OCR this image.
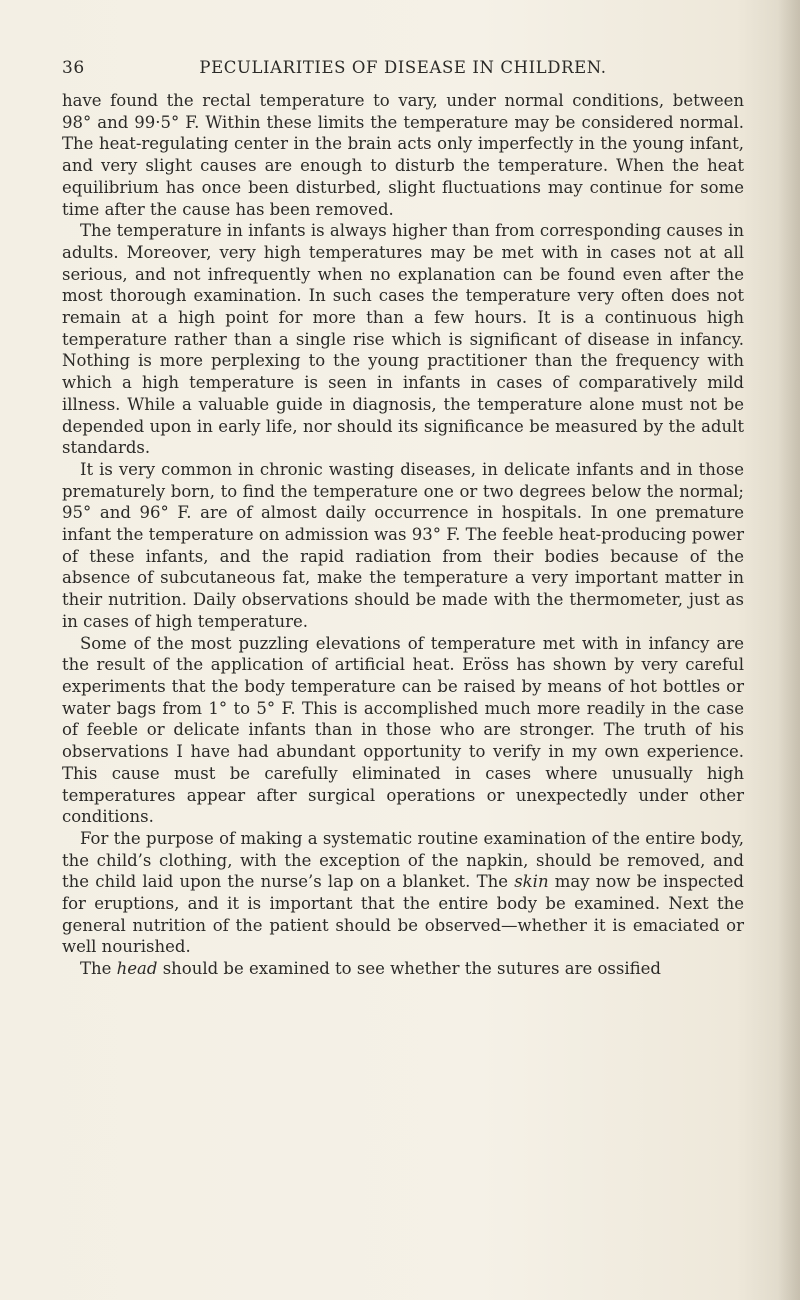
36	PECULIARITIES OF DISEASE IN CHILDREN.

have found the rectal temperature to vary, under normal conditions, between 98° and 99·5° F. Within these limits the temperature may be considered normal. The heat-regulating center in the brain acts only imperfectly in the young infant, and very slight causes are enough to disturb the temperature. When the heat equilibrium has once been disturbed, slight fluctuations may continue for some time after the cause has been removed.

The temperature in infants is always higher than from corresponding causes in adults. Moreover, very high temperatures may be met with in cases not at all serious, and not infrequently when no explanation can be found even after the most thorough examination. In such cases the temperature very often does not remain at a high point for more than a few hours. It is a continuous high temperature rather than a single rise which is significant of disease in infancy. Nothing is more perplexing to the young practitioner than the frequency with which a high temperature is seen in infants in cases of comparatively mild illness. While a valuable guide in diagnosis, the temperature alone must not be depended upon in early life, nor should its significance be measured by the adult standards.

It is very common in chronic wasting diseases, in delicate infants and in those prematurely born, to find the temperature one or two degrees below the normal; 95° and 96° F. are of almost daily occurrence in hospitals. In one premature infant the temperature on admission was 93° F. The feeble heat-producing power of these infants, and the rapid radiation from their bodies because of the absence of subcutaneous fat, make the temperature a very important matter in their nutrition. Daily observations should be made with the thermometer, just as in cases of high temperature.

Some of the most puzzling elevations of temperature met with in infancy are the result of the application of artificial heat. Eröss has shown by very careful experiments that the body temperature can be raised by means of hot bottles or water bags from 1° to 5° F. This is accomplished much more readily in the case of feeble or delicate infants than in those who are stronger. The truth of his observations I have had abundant opportunity to verify in my own experience. This cause must be carefully eliminated in cases where unusually high temperatures appear after surgical operations or unexpectedly under other conditions.

For the purpose of making a systematic routine examination of the entire body, the child’s clothing, with the exception of the napkin, should be removed, and the child laid upon the nurse’s lap on a blanket. The skin may now be inspected for eruptions, and it is important that the entire body be examined. Next the general nutrition of the patient should be observed—whether it is emaciated or well nourished.

The head should be examined to see whether the sutures are ossified
